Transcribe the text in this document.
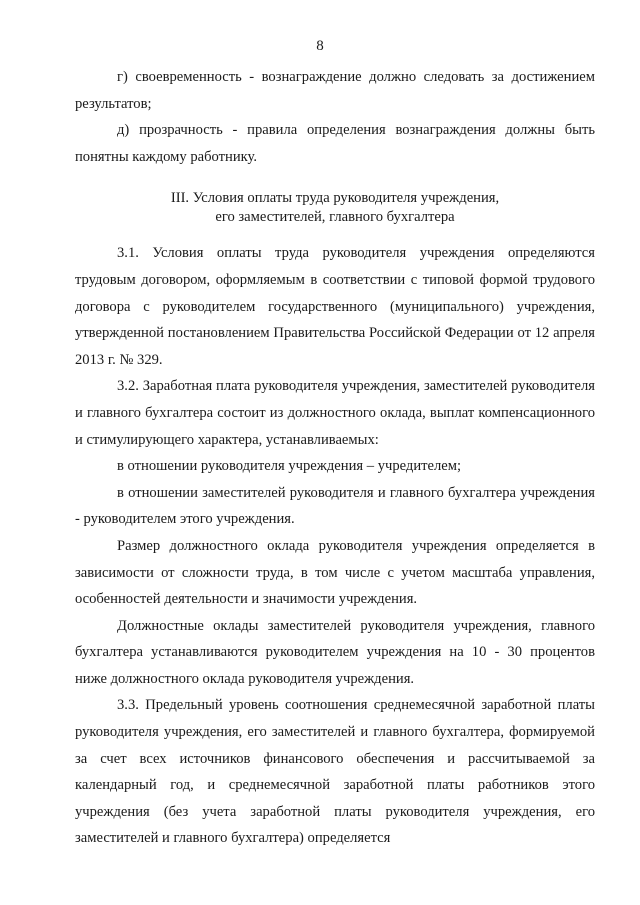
8

г) своевременность - вознаграждение должно следовать за достижением результатов;

д) прозрачность - правила определения вознаграждения должны быть понятны каждому работнику.

III. Условия оплаты труда руководителя учреждения,
его заместителей, главного бухгалтера

3.1. Условия оплаты труда руководителя учреждения определяются трудовым договором, оформляемым в соответствии с типовой формой трудового договора с руководителем государственного (муниципального) учреждения, утвержденной постановлением Правительства Российской Федерации от 12 апреля 2013 г. № 329.

3.2. Заработная плата руководителя учреждения, заместителей руководителя и главного бухгалтера состоит из должностного оклада, выплат компенсационного и стимулирующего характера, устанавливаемых:

в отношении руководителя учреждения – учредителем;

в отношении заместителей руководителя и главного бухгалтера учреждения - руководителем этого учреждения.

Размер должностного оклада руководителя учреждения определяется в зависимости от сложности труда, в том числе с учетом масштаба управления, особенностей деятельности и значимости учреждения.

Должностные оклады заместителей руководителя учреждения, главного бухгалтера устанавливаются руководителем учреждения на 10 - 30 процентов ниже должностного оклада руководителя учреждения.

3.3. Предельный уровень соотношения среднемесячной заработной платы руководителя учреждения, его заместителей и главного бухгалтера, формируемой за счет всех источников финансового обеспечения и рассчитываемой за календарный год, и среднемесячной заработной платы работников этого учреждения (без учета заработной платы руководителя учреждения, его заместителей и главного бухгалтера) определяется
